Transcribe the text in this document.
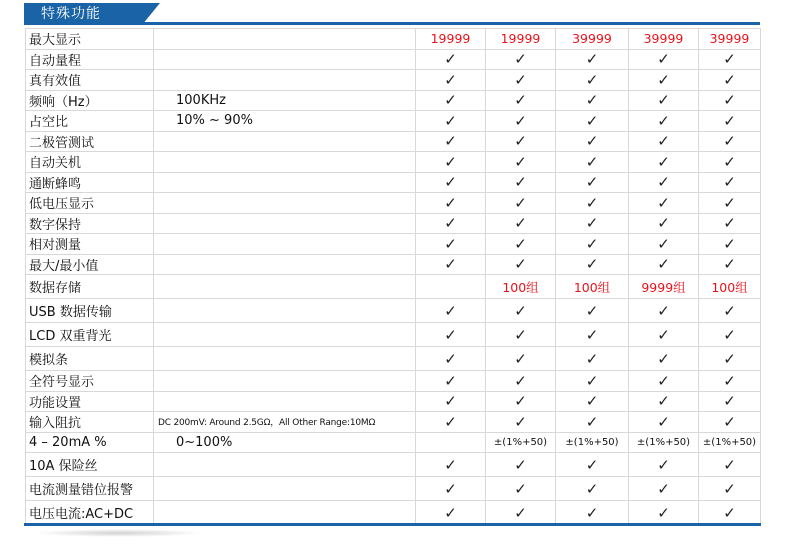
特殊功能
最大显示		19999	19999	39999	39999	39999
自动量程		✓	✓	✓	✓	✓
真有效值		✓	✓	✓	✓	✓
频响（Hz）	100KHz	✓	✓	✓	✓	✓
占空比	10% ~ 90%	✓	✓	✓	✓	✓
二极管测试		✓	✓	✓	✓	✓
自动关机		✓	✓	✓	✓	✓
通断蜂鸣		✓	✓	✓	✓	✓
低电压显示		✓	✓	✓	✓	✓
数字保持		✓	✓	✓	✓	✓
相对测量		✓	✓	✓	✓	✓
最大/最小值		✓	✓	✓	✓	✓
数据存储			100组	100组	9999组	100组
USB 数据传输		✓	✓	✓	✓	✓
LCD 双重背光		✓	✓	✓	✓	✓
模拟条		✓	✓	✓	✓	✓
全符号显示		✓	✓	✓	✓	✓
功能设置		✓	✓	✓	✓	✓
输入阻抗	DC 200mV: Around 2.5GΩ，All Other Range:10MΩ	✓	✓	✓	✓	✓
4 – 20mA %	0~100%		±(1%+50)	±(1%+50)	±(1%+50)	±(1%+50)
10A 保险丝		✓	✓	✓	✓	✓
电流测量错位报警		✓	✓	✓	✓	✓
电压电流:AC+DC		✓	✓	✓	✓	✓
